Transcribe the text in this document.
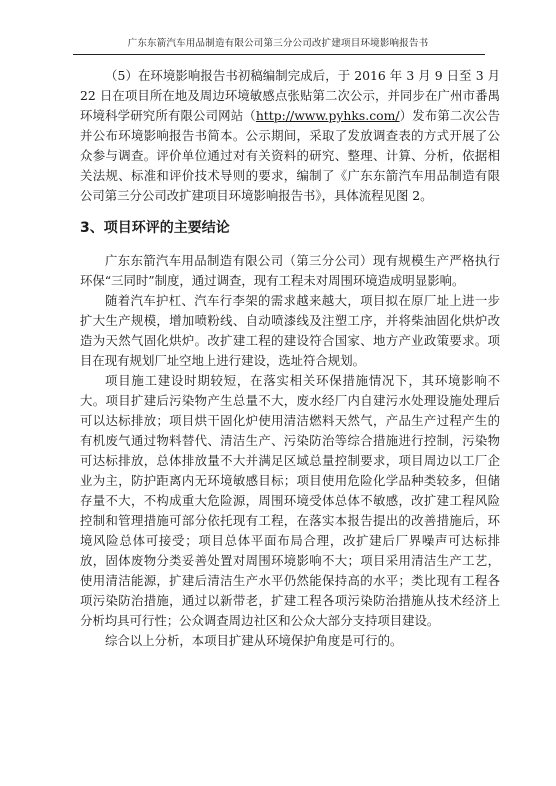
广东东箭汽车用品制造有限公司第三分公司改扩建项目环境影响报告书

（5）在环境影响报告书初稿编制完成后，于 2016 年 3 月 9 日至 3 月 22 日在项目所在地及周边环境敏感点张贴第二次公示，并同步在广州市番禺环境科学研究所有限公司网站（http://www.pyhks.com/）发布第二次公告并公布环境影响报告书简本。公示期间，采取了发放调查表的方式开展了公众参与调查。评价单位通过对有关资料的研究、整理、计算、分析，依据相关法规、标准和评价技术导则的要求，编制了《广东东箭汽车用品制造有限公司第三分公司改扩建项目环境影响报告书》，具体流程见图 2。

3、项目环评的主要结论

广东东箭汽车用品制造有限公司（第三分公司）现有规模生产严格执行环保“三同时”制度，通过调查，现有工程未对周围环境造成明显影响。

随着汽车护杠、汽车行李架的需求越来越大，项目拟在原厂址上进一步扩大生产规模，增加喷粉线、自动喷漆线及注塑工序，并将柴油固化烘炉改造为天然气固化烘炉。改扩建工程的建设符合国家、地方产业政策要求。项目在现有规划厂址空地上进行建设，选址符合规划。

项目施工建设时期较短，在落实相关环保措施情况下，其环境影响不大。项目扩建后污染物产生总量不大，废水经厂内自建污水处理设施处理后可以达标排放；项目烘干固化炉使用清洁燃料天然气，产品生产过程产生的有机废气通过物料替代、清洁生产、污染防治等综合措施进行控制，污染物可达标排放，总体排放量不大并满足区域总量控制要求，项目周边以工厂企业为主，防护距离内无环境敏感目标；项目使用危险化学品种类较多，但储存量不大，不构成重大危险源，周围环境受体总体不敏感，改扩建工程风险控制和管理措施可部分依托现有工程，在落实本报告提出的改善措施后，环境风险总体可接受；项目总体平面布局合理，改扩建后厂界噪声可达标排放，固体废物分类妥善处置对周围环境影响不大；项目采用清洁生产工艺，使用清洁能源，扩建后清洁生产水平仍然能保持高的水平；类比现有工程各项污染防治措施，通过以新带老，扩建工程各项污染防治措施从技术经济上分析均具可行性；公众调查周边社区和公众大部分支持项目建设。

综合以上分析，本项目扩建从环境保护角度是可行的。
